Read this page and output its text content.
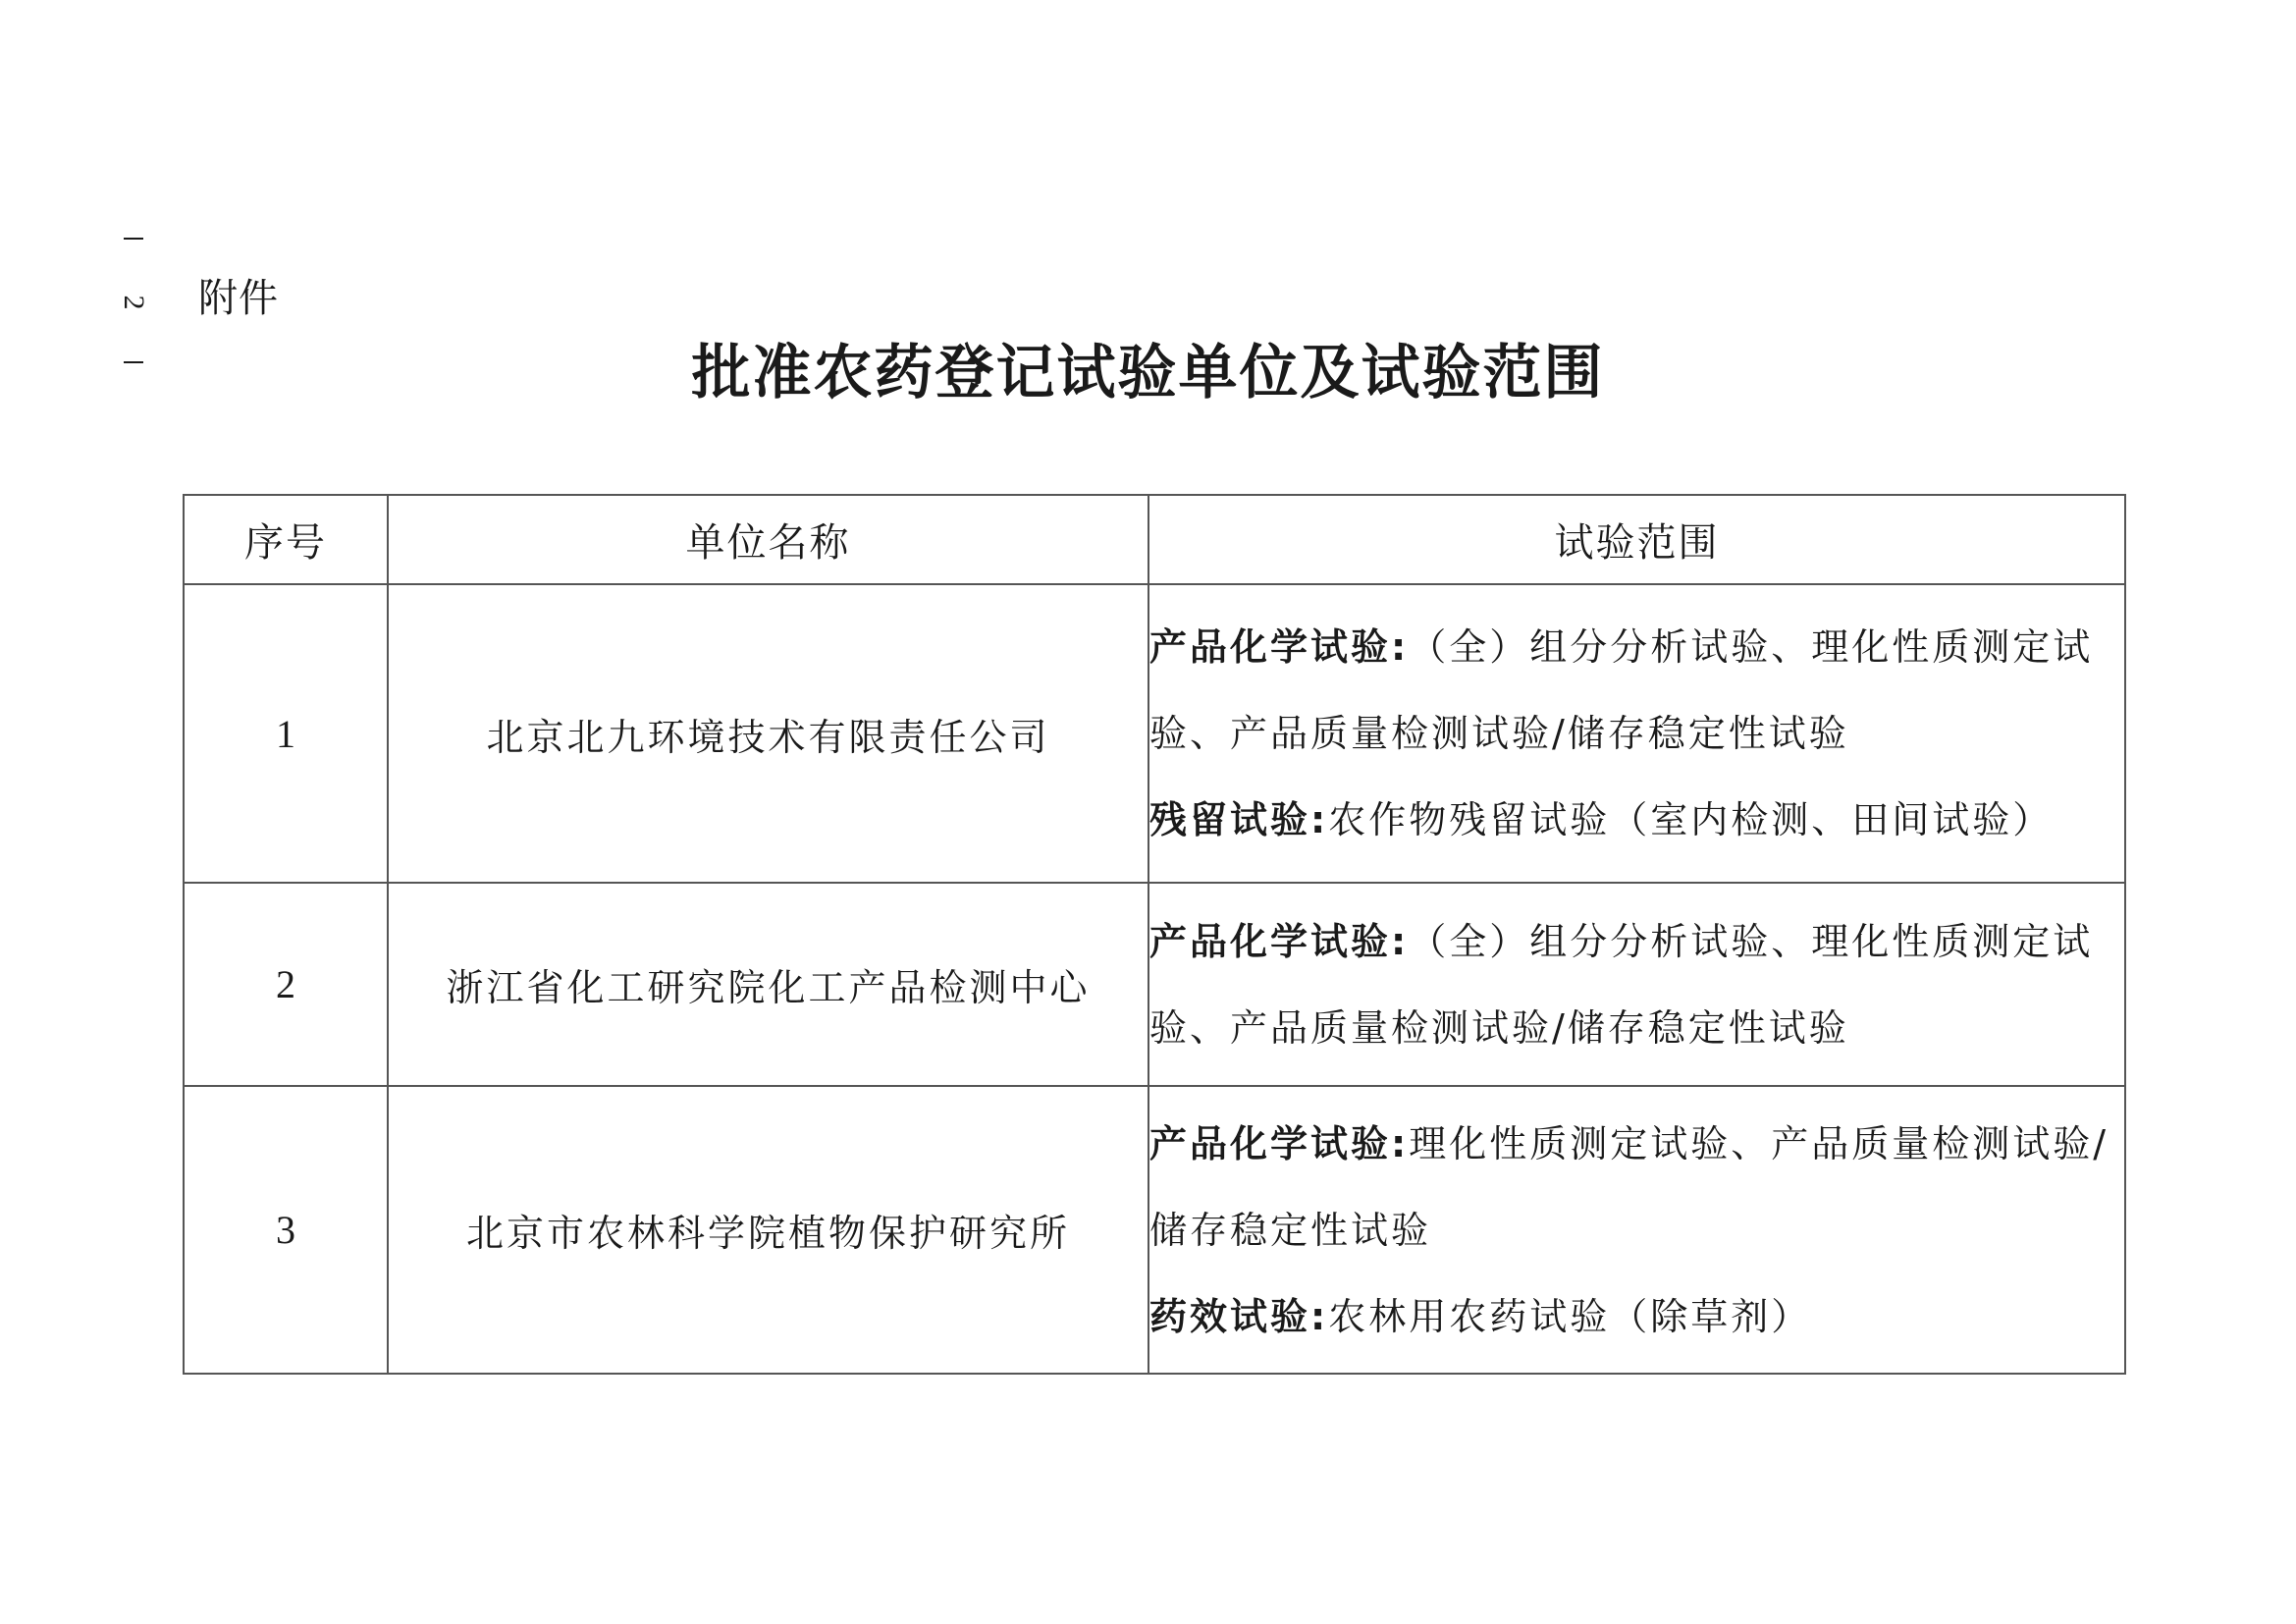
2 附件
批准农药登记试验单位及试验范围
序号	单位名称	试验范围
1	北京北九环境技术有限责任公司	产品化学试验:（全）组分分析试验、理化性质测定试验、产品质量检测试验/储存稳定性试验
残留试验:农作物残留试验（室内检测、田间试验）

2	浙江省化工研究院化工产品检测中心	产品化学试验:（全）组分分析试验、理化性质测定试验、产品质量检测试验/储存稳定性试验

3	北京市农林科学院植物保护研究所	产品化学试验:理化性质测定试验、产品质量检测试验/储存稳定性试验
药效试验:农林用农药试验（除草剂）
